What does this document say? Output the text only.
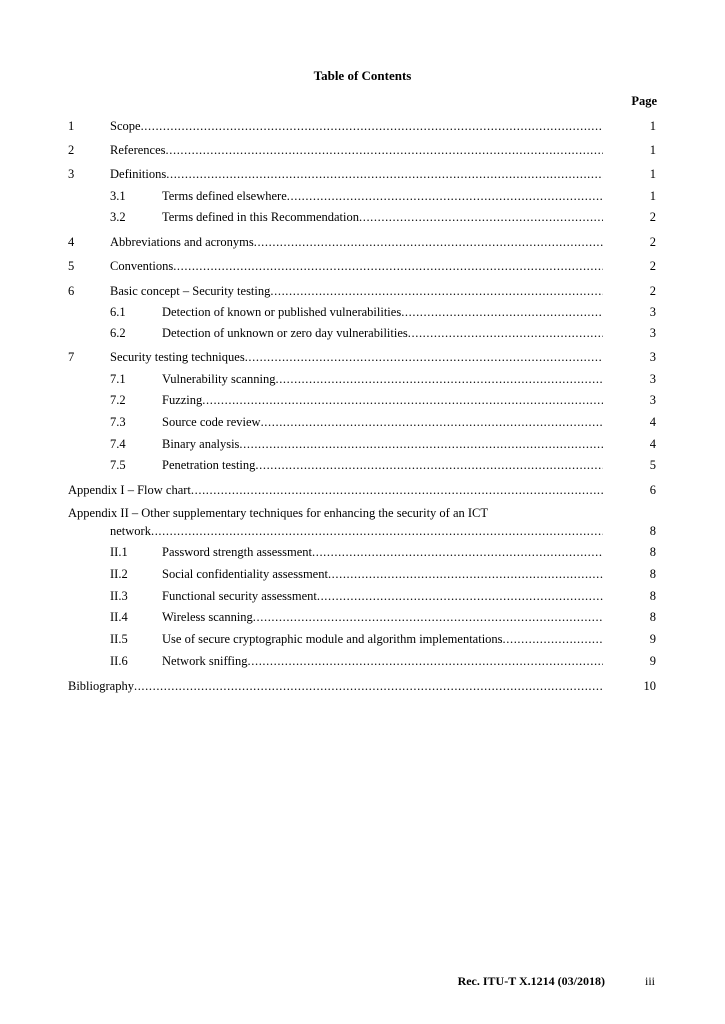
Table of Contents
Page
1	Scope .....	1
2	References .....	1
3	Definitions .....	1
3.1	Terms defined elsewhere .....	1
3.2	Terms defined in this Recommendation .....	2
4	Abbreviations and acronyms .....	2
5	Conventions .....	2
6	Basic concept – Security testing .....	2
6.1	Detection of known or published vulnerabilities .....	3
6.2	Detection of unknown or zero day vulnerabilities .....	3
7	Security testing techniques .....	3
7.1	Vulnerability scanning .....	3
7.2	Fuzzing .....	3
7.3	Source code review .....	4
7.4	Binary analysis .....	4
7.5	Penetration testing .....	5
Appendix I – Flow chart .....	6
Appendix II – Other supplementary techniques for enhancing the security of an ICT
network .....	8
II.1	Password strength assessment .....	8
II.2	Social confidentiality assessment .....	8
II.3	Functional security assessment .....	8
II.4	Wireless scanning .....	8
II.5	Use of secure cryptographic module and algorithm implementations .....	9
II.6	Network sniffing .....	9
Bibliography .....	10
Rec. ITU-T X.1214 (03/2018)	iii
